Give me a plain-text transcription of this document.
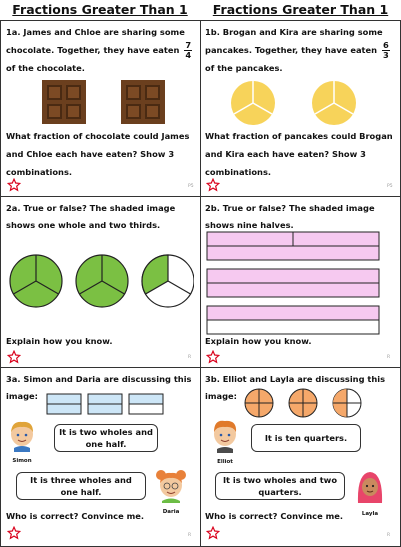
Fractions Greater Than 1	Fractions Greater Than 1
1a. James and Chloe are sharing some
chocolate. Together, they have eaten $\frac{7}{4}$
of the chocolate.
What fraction of chocolate could James
and Chloe each have eaten? Show 3
combinations.
P5
1b. Brogan and Kira are sharing some
pancakes. Together, they have eaten $\frac{6}{3}$
of the pancakes.
What fraction of pancakes could Brogan
and Kira each have eaten? Show 3
combinations.
P5
2a. True or false? The shaded image
shows one whole and two thirds.
Explain how you know.
R
2b. True or false? The shaded image
shows nine halves.
Explain how you know.
R
3a. Simon and Daria are discussing this
image:
Simon
It is two wholes and one half.
It is three wholes and one half.
Daria
Who is correct? Convince me.
R
3b. Elliot and Layla are discussing this
image:
Elliot
It is ten quarters.
It is two wholes and two quarters.
Layla
Who is correct? Convince me.
R
